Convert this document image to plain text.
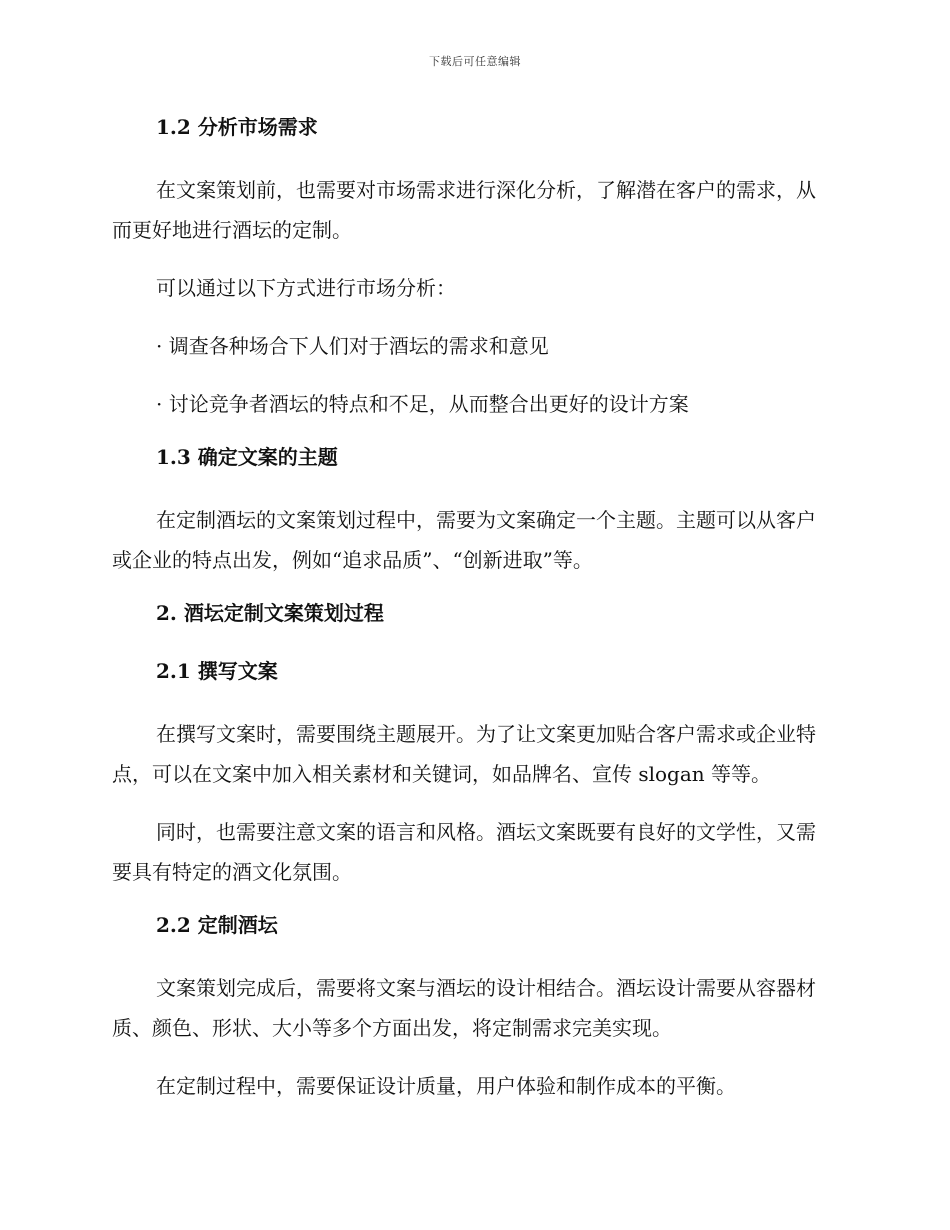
下载后可任意编辑
1.2 分析市场需求

在文案策划前，也需要对市场需求进行深化分析，了解潜在客户的需求，从而更好地进行酒坛的定制。

可以通过以下方式进行市场分析：

· 调查各种场合下人们对于酒坛的需求和意见

· 讨论竞争者酒坛的特点和不足，从而整合出更好的设计方案

1.3 确定文案的主题

在定制酒坛的文案策划过程中，需要为文案确定一个主题。主题可以从客户或企业的特点出发，例如“追求品质”、“创新进取”等。

2. 酒坛定制文案策划过程
2.1 撰写文案

在撰写文案时，需要围绕主题展开。为了让文案更加贴合客户需求或企业特点，可以在文案中加入相关素材和关键词，如品牌名、宣传 slogan 等等。

同时，也需要注意文案的语言和风格。酒坛文案既要有良好的文学性，又需要具有特定的酒文化氛围。

2.2 定制酒坛

文案策划完成后，需要将文案与酒坛的设计相结合。酒坛设计需要从容器材质、颜色、形状、大小等多个方面出发，将定制需求完美实现。

在定制过程中，需要保证设计质量，用户体验和制作成本的平衡。
